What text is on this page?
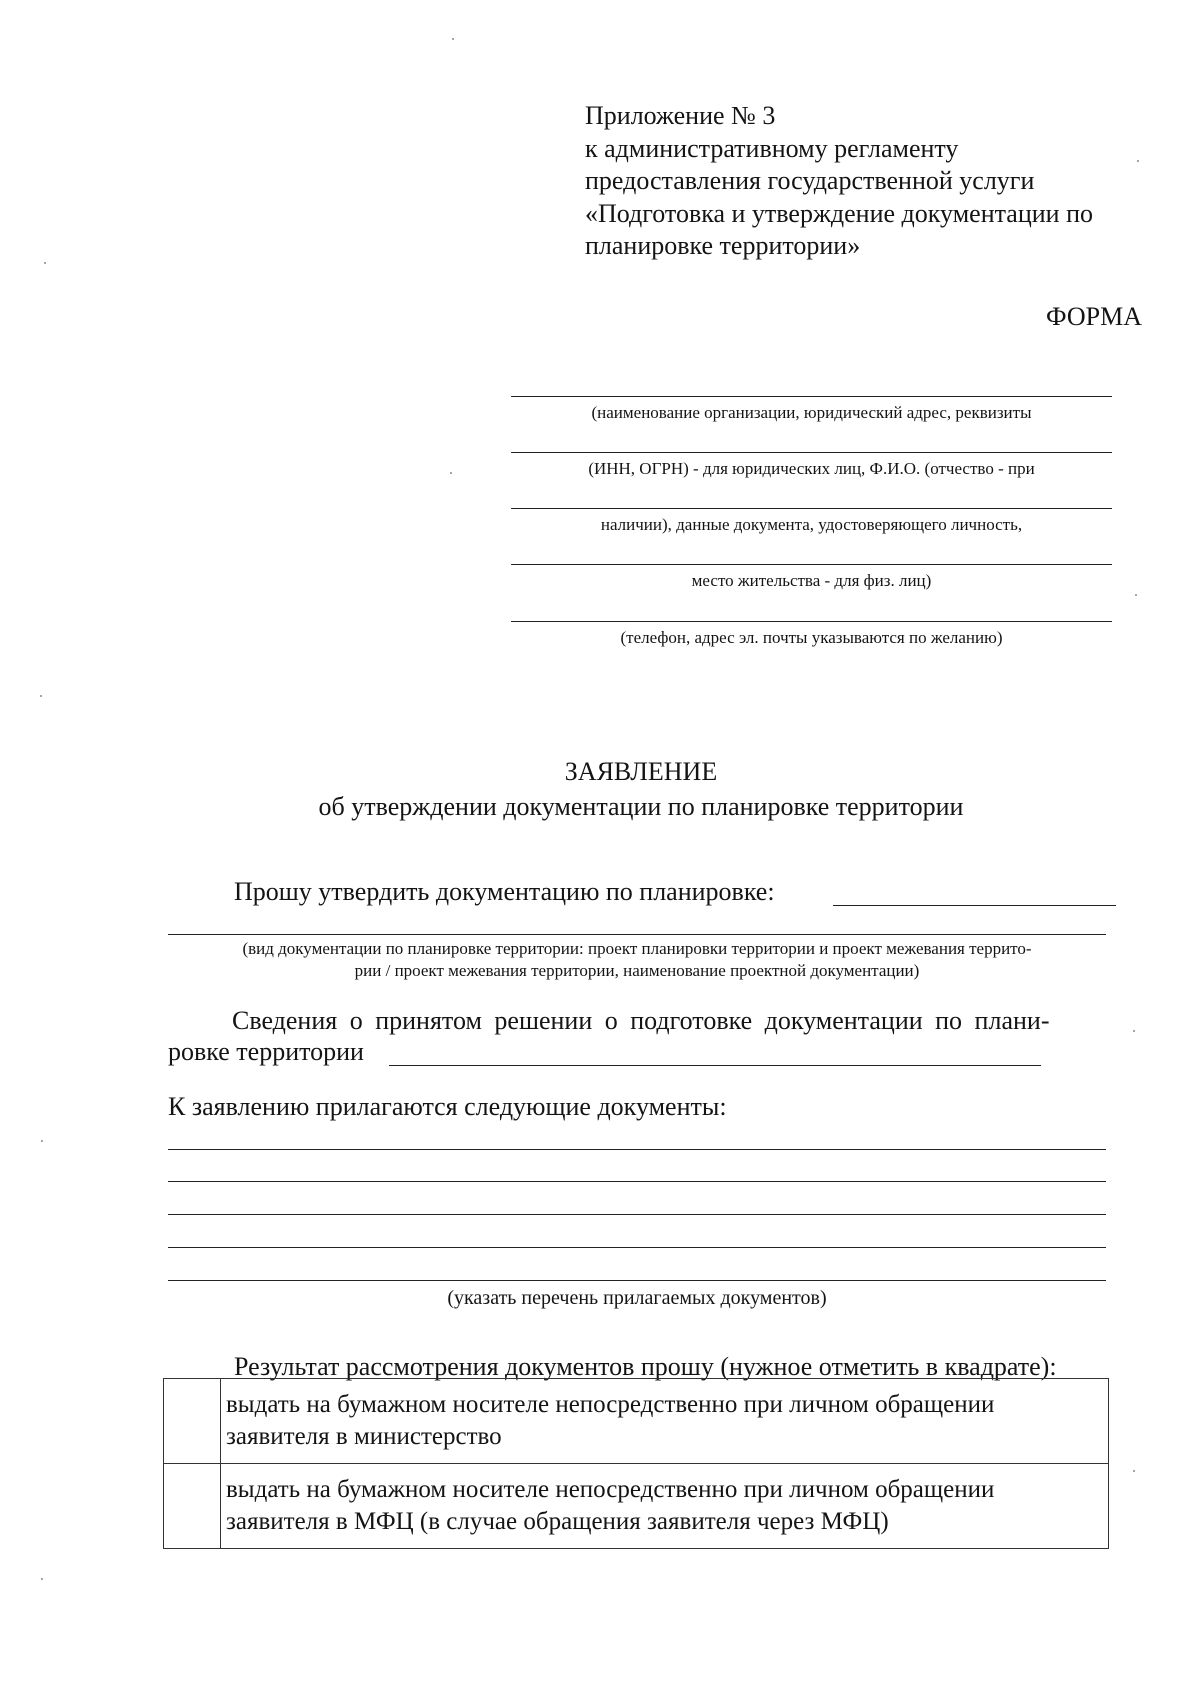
Приложение № 3
к административному регламенту
предоставления государственной услуги
«Подготовка и утверждение документации по
планировке территории»
ФОРМА
(наименование организации, юридический адрес, реквизиты
(ИНН, ОГРН) - для юридических лиц, Ф.И.О. (отчество - при
наличии), данные документа, удостоверяющего личность,
место жительства - для физ. лиц)
(телефон, адрес эл. почты указываются по желанию)
ЗАЯВЛЕНИЕ
об утверждении документации по планировке территории
Прошу утвердить документацию по планировке:
(вид документации по планировке территории: проект планировки территории и проект межевания террито-
рии / проект межевания территории, наименование проектной документации)
Сведения о принятом решении о подготовке документации по плани-
ровке территории
К заявлению прилагаются следующие документы:
(указать перечень прилагаемых документов)
Результат рассмотрения документов прошу (нужное отметить в квадрате):

	выдать на бумажном носителе непосредственно при личном обращении
заявителя в министерство

	выдать на бумажном носителе непосредственно при личном обращении
заявителя в МФЦ (в случае обращения заявителя через МФЦ)
